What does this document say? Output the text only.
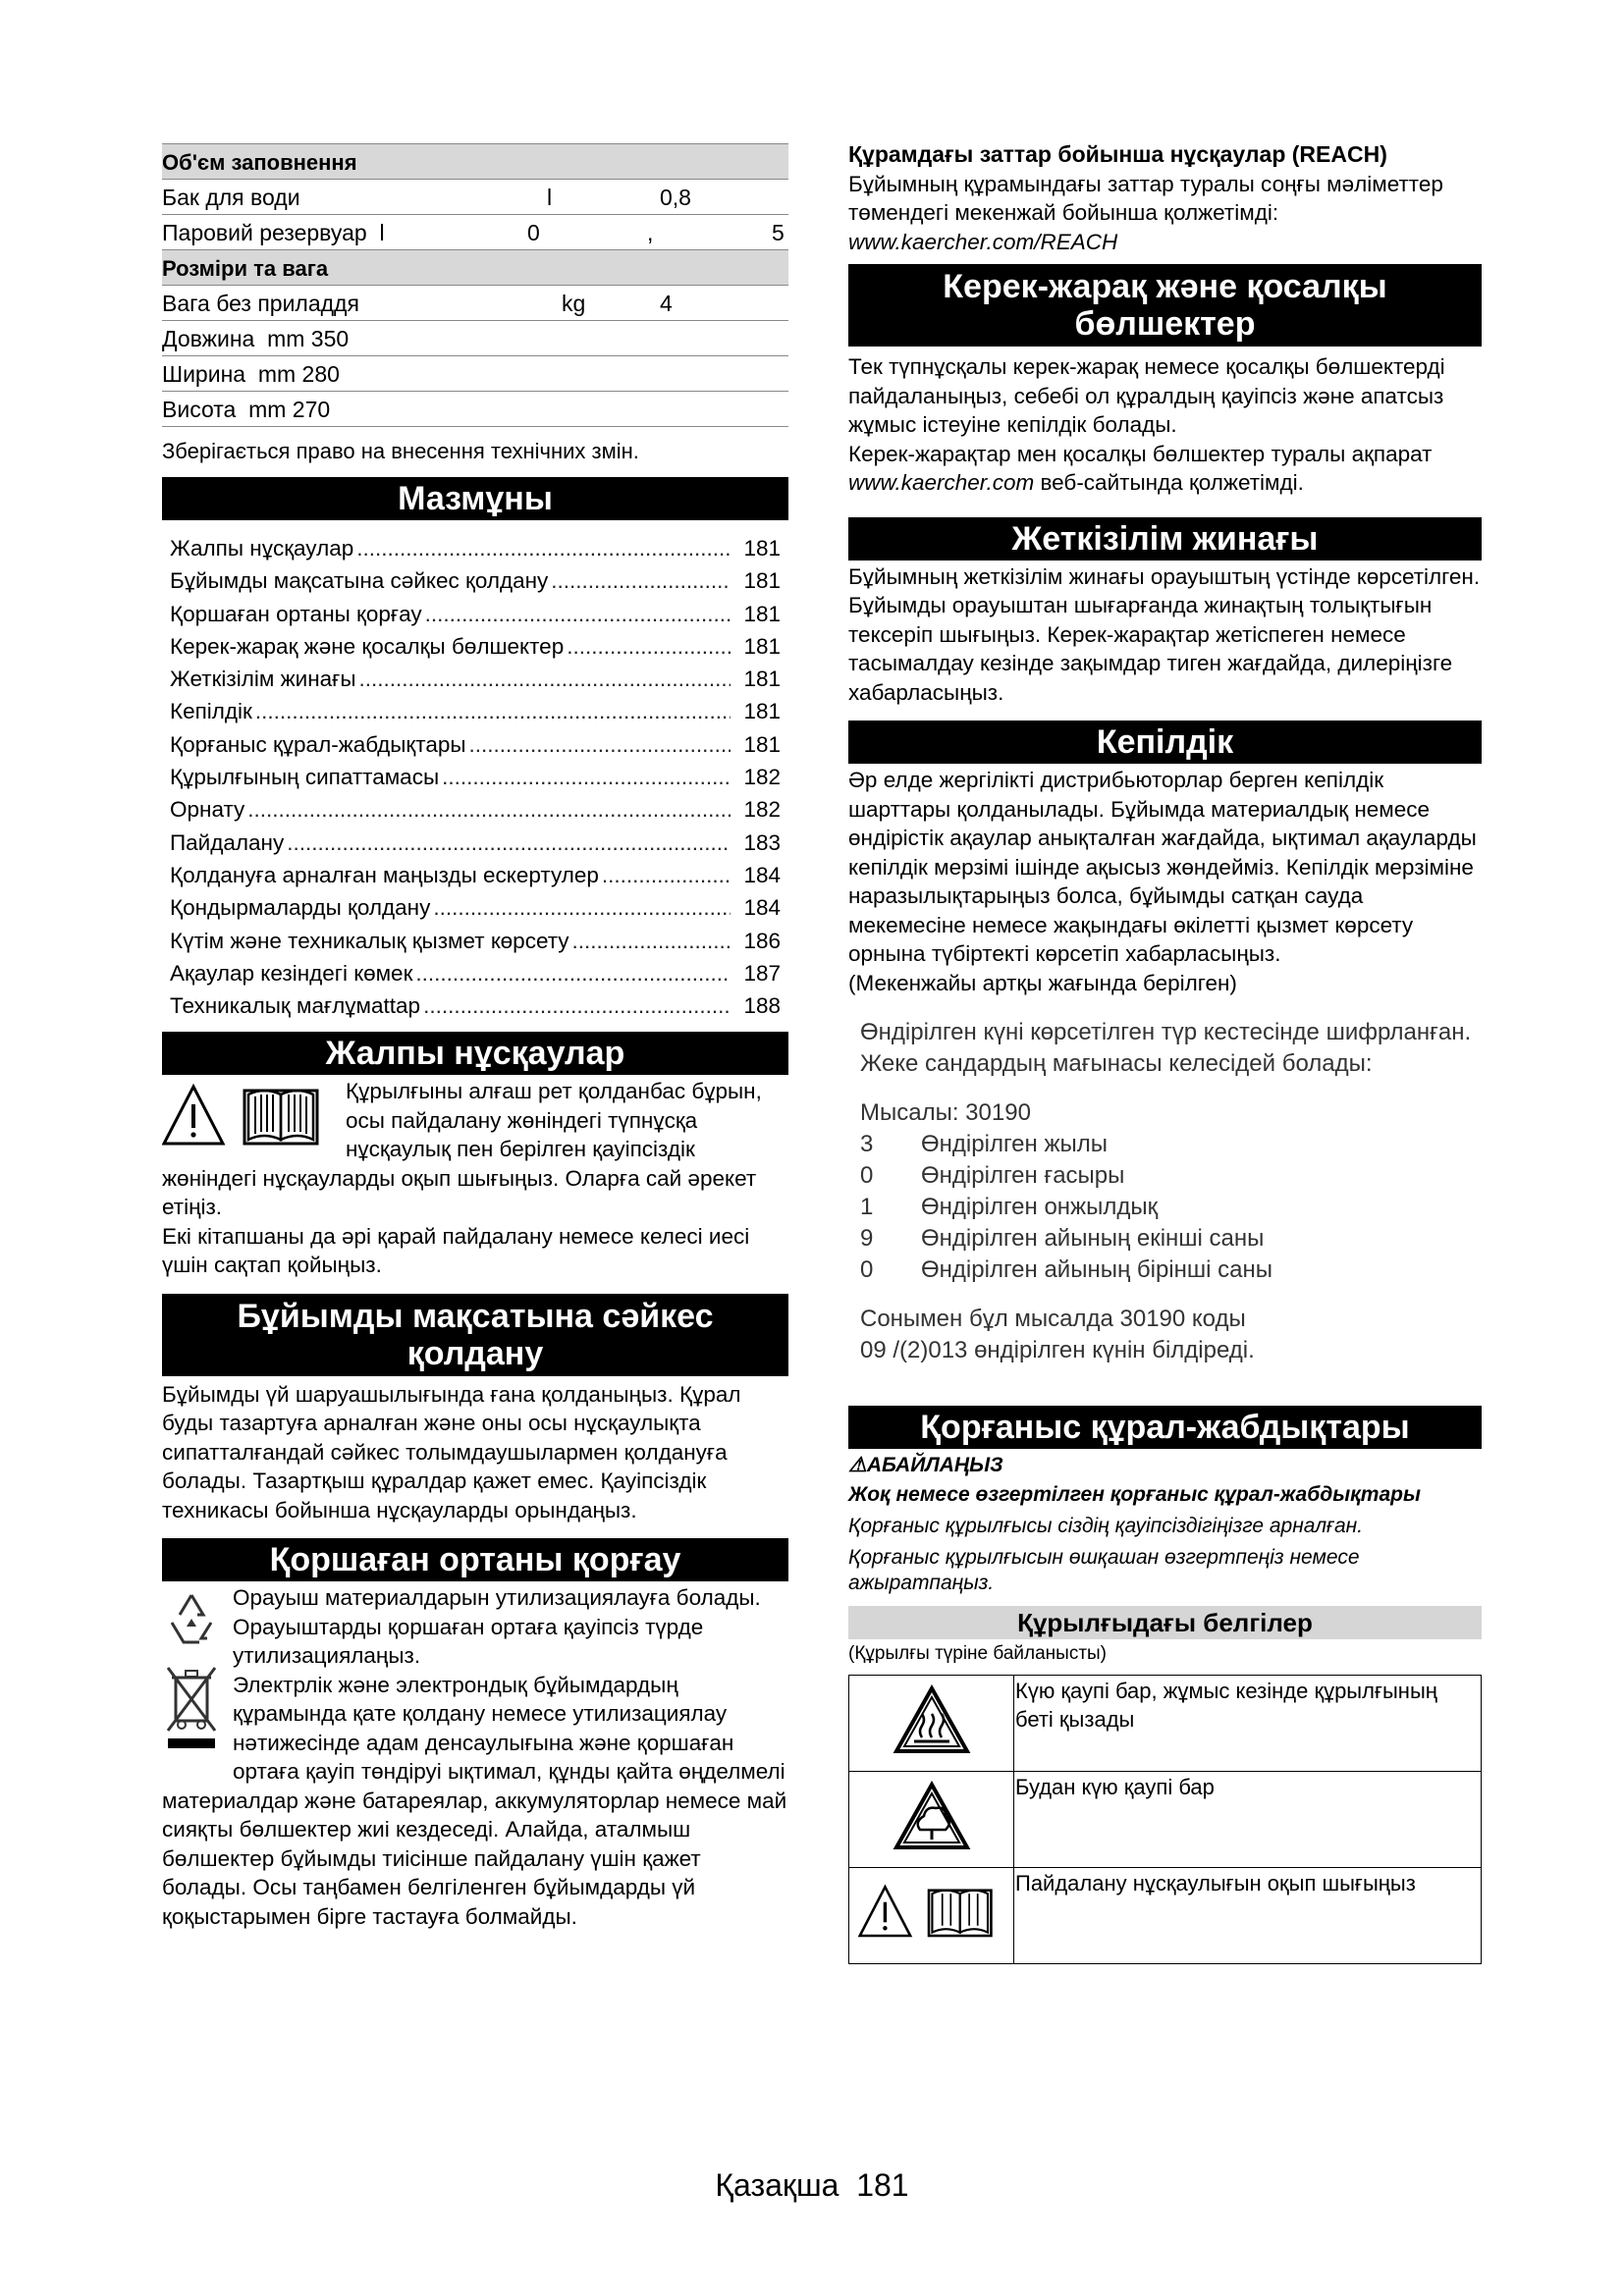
Об'єм заповнення
Бак для води	l	0,8
Паровий резервуар  l	0	,	5
Розміри та вага
Вага без приладдя	kg	4
Довжина  mm 350
Ширина  mm 280
Висота  mm 270

Зберігається право на внесення технічних змін.

Мазмұны
Жалпы нұсқаулар .....	181
Бұйымды мақсатына сәйкес қолдану .....	181
Қоршаған ортаны қорғау .....	181
Керек-жарақ және қосалқы бөлшектер .....	181
Жеткізілім жинағы .....	181
Кепілдік .....	181
Қорғаныс құрал-жабдықтары .....	181
Құрылғының сипаттамасы .....	182
Орнату .....	182
Пайдалану .....	183
Қолдануға арналған маңызды ескертулер .....	184
Қондырмаларды қолдану .....	184
Күтім және техникалық қызмет көрсету .....	186
Ақаулар кезіндегі көмек .....	187
Техникалық мағлұмattар .....	188
Жалпы нұсқаулар

Құрылғыны алғаш рет қолданбас бұрын, осы пайдалану жөніндегі түпнұсқа нұсқаулық пен берілген қауіпсіздік жөніндегі нұсқауларды оқып шығыңыз. Оларға сай әрекет етіңіз.

Екі кітапшаны да әрі қарай пайдалану немесе келесі иесі үшін сақтап қойыңыз.

Бұйымды мақсатына сәйкес қолдану

Бұйымды үй шаруашылығында ғана қолданыңыз. Құрал буды тазартуға арналған және оны осы нұсқаулықта сипатталғандай сәйкес толымдаушылармен қолдануға болады. Тазартқыш құралдар қажет емес. Қауіпсіздік техникасы бойынша нұсқауларды орындаңыз.

Қоршаған ортаны қорғау

Орауыш материалдарын утилизациялауға болады. Орауыштарды қоршаған ортаға қауіпсіз түрде утилизациялаңыз.

Электрлік және электрондық бұйымдардың құрамында қате қолдану немесе утилизациялау нәтижесінде адам денсаулығына және қоршаған ортаға қауіп төндіруі ықтимал, құнды қайта өңделмелі материалдар және батареялар, аккумуляторлар немесе май сияқты бөлшектер жиі кездеседі. Алайда, аталмыш бөлшектер бұйымды тиісінше пайдалану үшін қажет болады. Осы таңбамен белгіленген бұйымдарды үй қоқыстарымен бірге тастауға болмайды.

Құрамдағы заттар бойынша нұсқаулар (REACH)

Бұйымның құрамындағы заттар туралы соңғы мәліметтер төмендегі мекенжай бойынша қолжетімді: www.kaercher.com/REACH

Керек-жарақ және қосалқы бөлшектер

Тек түпнұсқалы керек-жарақ немесе қосалқы бөлшектерді пайдаланыңыз, себебі ол құралдың қауіпсіз және апатсыз жұмыс істеуіне кепілдік болады.

Керек-жарақтар мен қосалқы бөлшектер туралы ақпарат www.kaercher.com веб-сайтында қолжетімді.

Жеткізілім жинағы

Бұйымның жеткізілім жинағы орауыштың үстінде көрсетілген. Бұйымды орауыштан шығарғанда жинақтың толықтығын тексеріп шығыңыз. Керек-жарақтар жетіспеген немесе тасымалдау кезінде зақымдар тиген жағдайда, дилеріңізге хабарласыңыз.

Кепілдік

Әр елде жергілікті дистрибьюторлар берген кепілдік шарттары қолданылады. Бұйымда материалдық немесе өндірістік ақаулар анықталған жағдайда, ықтимал ақауларды кепілдік мерзімі ішінде ақысыз жөндейміз. Кепілдік мерзіміне наразылықтарыңыз болса, бұйымды сатқан сауда мекемесіне немесе жақындағы өкілетті қызмет көрсету орнына түбіртекті көрсетіп хабарласыңыз.

(Мекенжайы артқы жағында берілген)

Өндірілген күні көрсетілген түр кестесінде шифрланған.

Жеке сандардың мағынасы келесідей болады:

Мысалы: 30190

3	Өндірілген жылы
0	Өндірілген ғасыры
1	Өндірілген онжылдық
9	Өндірілген айының екінші саны
0	Өндірілген айының бірінші саны

Сонымен бұл мысалда 30190 коды

09 /(2)013 өндірілген күнін білдіреді.

Қорғаныс құрал-жабдықтары

⚠АБАЙЛАҢЫЗ

Жоқ немесе өзгертілген қорғаныс құрал-жабдықтары

Қорғаныс құрылғысы сіздің қауіпсіздігіңізге арналған.

Қорғаныс құрылғысын өшқашан өзгертпеңіз немесе ажыратпаңыз.

Құрылғыдағы белгілер

(Құрылғы түріне байланысты)

	Күю қаупі бар, жұмыс кезінде құрылғының беті қызады
	Будан күю қаупі бар
	Пайдалану нұсқаулығын оқып шығыңыз
Қазақша 181
